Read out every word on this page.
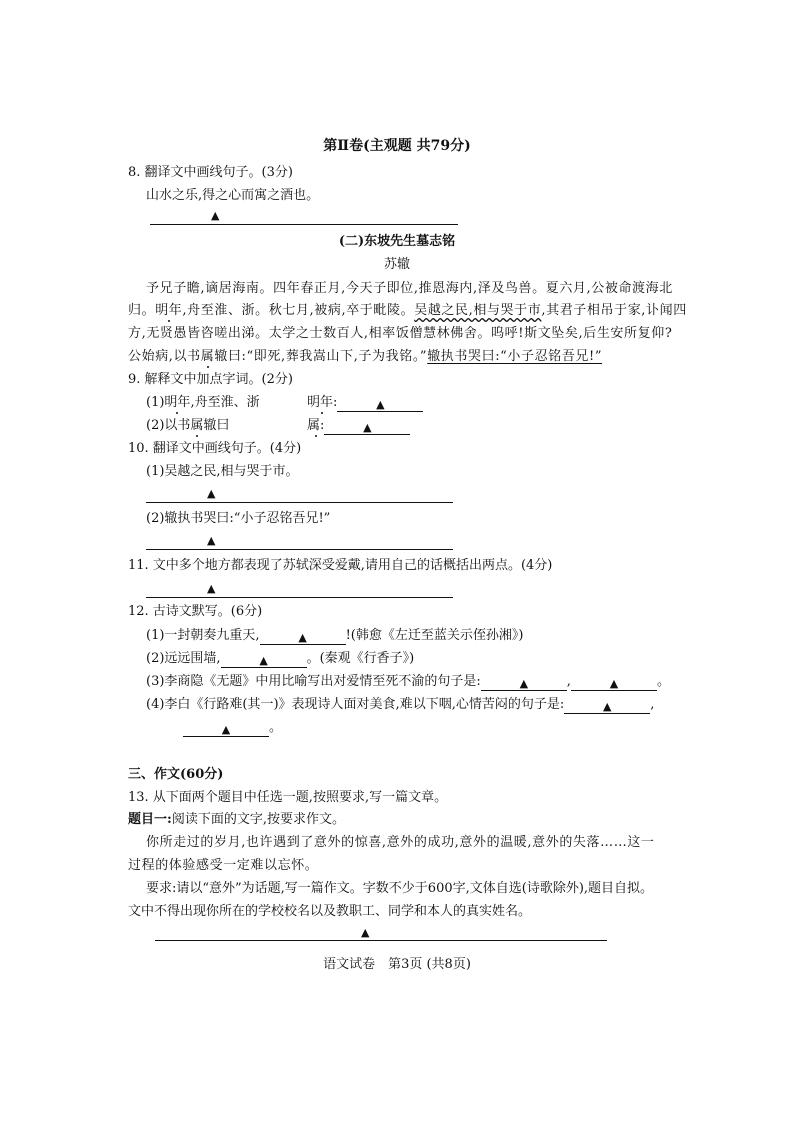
第Ⅱ卷(主观题 共79分)
8. 翻译文中画线句子。(3分)
山水之乐,得之心而寓之酒也。
▲
(二)东坡先生墓志铭
苏辙
予兄子瞻,谪居海南。四年春正月,今天子即位,推恩海内,泽及鸟兽。夏六月,公被命渡海北
归。明年,舟至淮、浙。秋七月,被病,卒于毗陵。吴越之民,相与哭于市,其君子相吊于家,讣闻四
方,无贤愚皆咨嗟出涕。太学之士数百人,相率饭僧慧林佛舍。呜呼!斯文坠矣,后生安所复仰?
公始病,以书属辙曰:“即死,葬我嵩山下,子为我铭。”辙执书哭曰:“小子忍铭吾兄!”
9. 解释文中加点字词。(2分)
(1)明年,舟至淮、浙	明年:	▲
(2)以书属辙曰	属:	▲
10. 翻译文中画线句子。(4分)
(1)吴越之民,相与哭于市。
▲
(2)辙执书哭曰:“小子忍铭吾兄!”
▲
11. 文中多个地方都表现了苏轼深受爱戴,请用自己的话概括出两点。(4分)
▲
12. 古诗文默写。(6分)
(1)一封朝奏九重天,	▲	!(韩愈《左迁至蓝关示侄孙湘》)
(2)远远围墙,	▲	。(秦观《行香子》)
(3)李商隐《无题》中用比喻写出对爱情至死不渝的句子是:	▲	,	▲	。
(4)李白《行路难(其一)》表现诗人面对美食,难以下咽,心情苦闷的句子是:	▲	,
▲	。
三、作文(60分)
13. 从下面两个题目中任选一题,按照要求,写一篇文章。
题目一:阅读下面的文字,按要求作文。
你所走过的岁月,也许遇到了意外的惊喜,意外的成功,意外的温暖,意外的失落……这一
过程的体验感受一定难以忘怀。
要求:请以“意外”为话题,写一篇作文。字数不少于600字,文体自选(诗歌除外),题目自拟。
文中不得出现你所在的学校校名以及教职工、同学和本人的真实姓名。
▲
语文试卷　第3页 (共8页)
